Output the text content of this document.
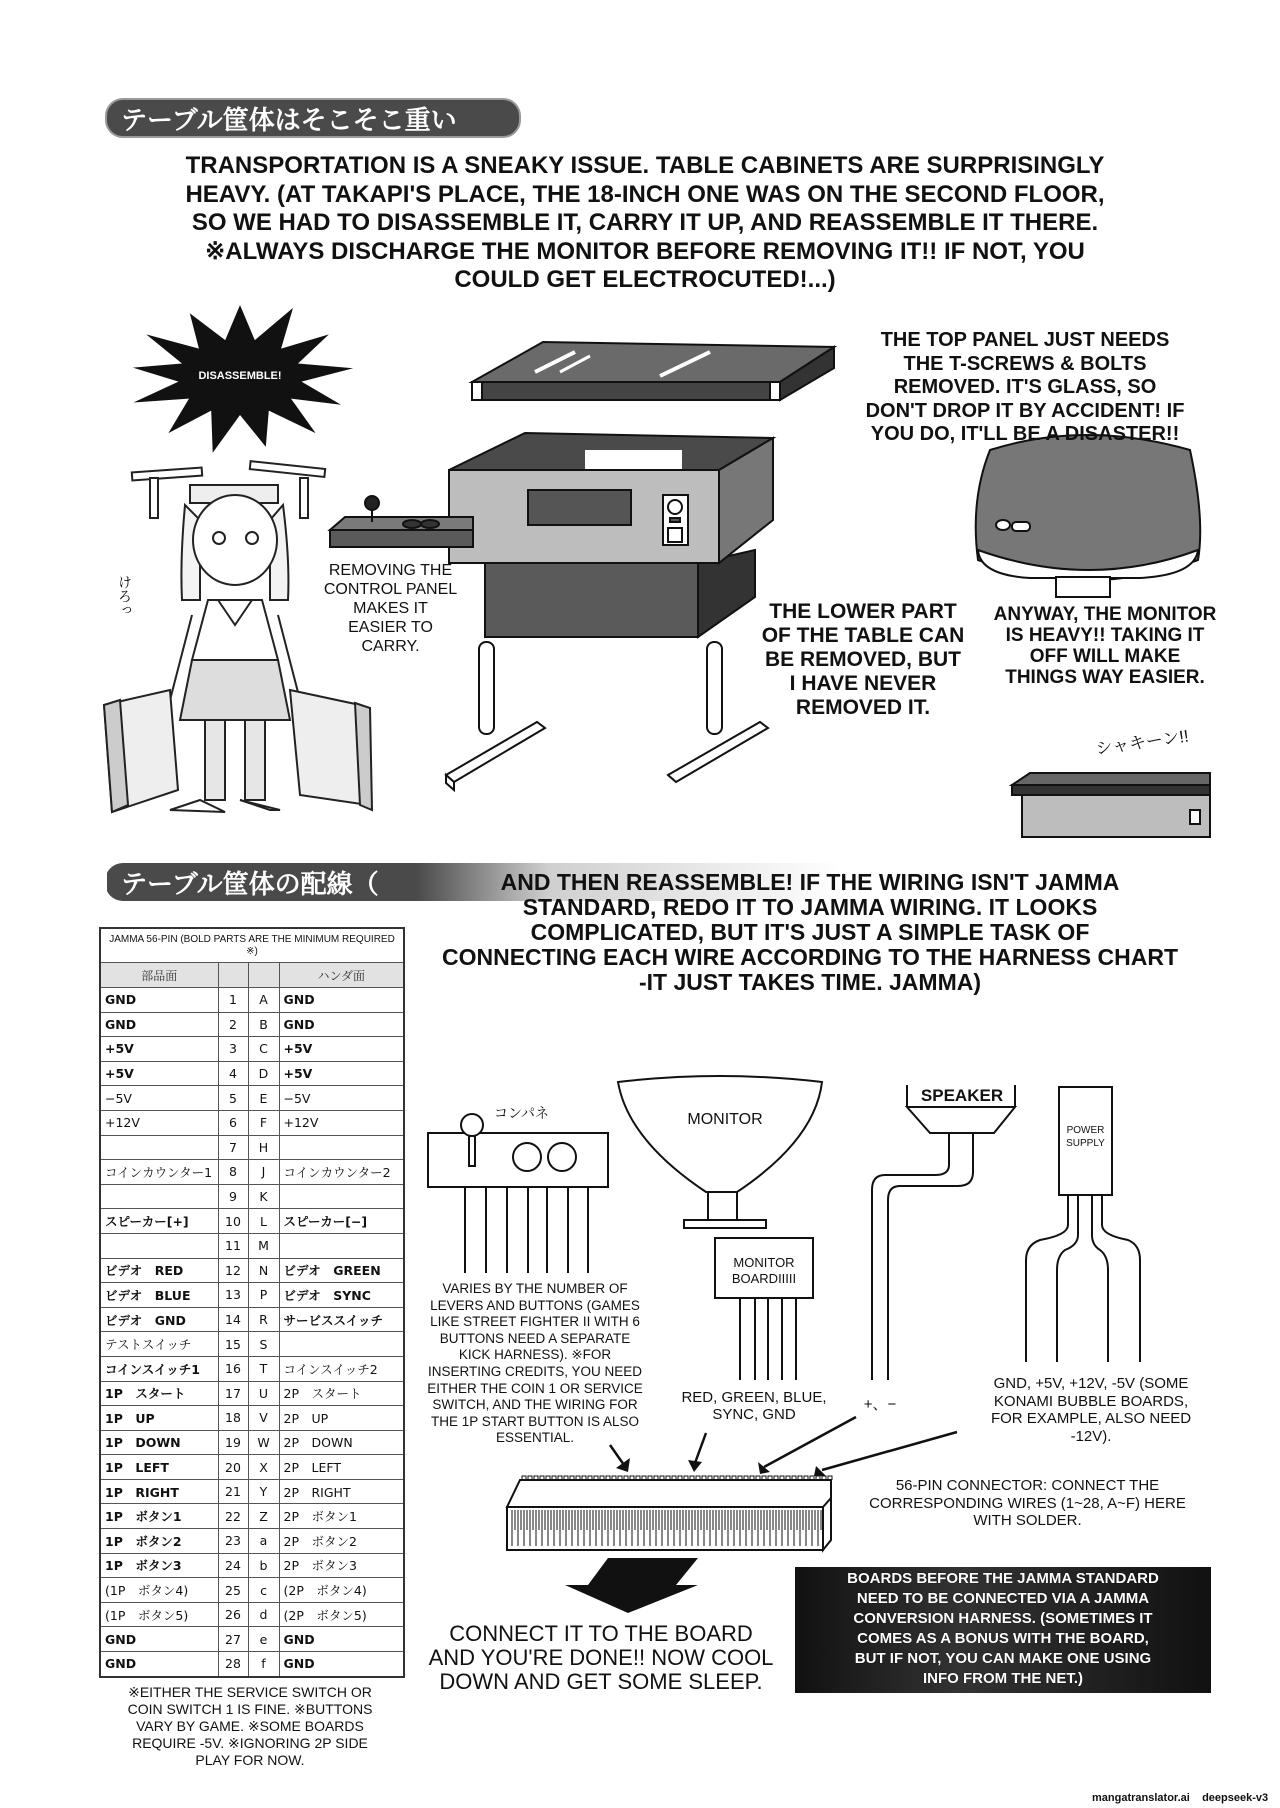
けろっ
テーブル筐体はそこそこ重い
TRANSPORTATION IS A SNEAKY ISSUE. TABLE CABINETS ARE SURPRISINGLY
HEAVY. (AT TAKAPI'S PLACE, THE 18-INCH ONE WAS ON THE SECOND FLOOR,
SO WE HAD TO DISASSEMBLE IT, CARRY IT UP, AND REASSEMBLE IT THERE.
※ALWAYS DISCHARGE THE MONITOR BEFORE REMOVING IT!! IF NOT, YOU
COULD GET ELECTROCUTED!...)
DISASSEMBLE!
REMOVING THE
CONTROL PANEL
MAKES IT
EASIER TO
CARRY.
THE TOP PANEL JUST NEEDS
THE T-SCREWS & BOLTS
REMOVED. IT'S GLASS, SO
DON'T DROP IT BY ACCIDENT! IF
YOU DO, IT'LL BE A DISASTER!!
THE LOWER PART
OF THE TABLE CAN
BE REMOVED, BUT
I HAVE NEVER
REMOVED IT.
ANYWAY, THE MONITOR
IS HEAVY!! TAKING IT
OFF WILL MAKE
THINGS WAY EASIER.
シャキーン!!
テーブル筐体の配線（	AND THEN REASSEMBLE! IF THE WIRING ISN'T JAMMA
STANDARD, REDO IT TO JAMMA WIRING. IT LOOKS
COMPLICATED, BUT IT'S JUST A SIMPLE TASK OF
CONNECTING EACH WIRE ACCORDING TO THE HARNESS CHART
-IT JUST TAKES TIME. JAMMA)
JAMMA 56-PIN (BOLD PARTS ARE THE MINIMUM REQUIRED ※)			
部品面			ハンダ面
GND	1	A	GND
GND	2	B	GND
+5V	3	C	+5V
+5V	4	D	+5V
−5V	5	E	−5V
+12V	6	F	+12V
	7	H	
コインカウンター1	8	J	コインカウンター2
	9	K	
スピーカー[+]	10	L	スピーカー[−]
	11	M	
ビデオ　RED	12	N	ビデオ　GREEN
ビデオ　BLUE	13	P	ビデオ　SYNC
ビデオ　GND	14	R	サービススイッチ
テストスイッチ	15	S	
コインスイッチ1	16	T	コインスイッチ2
1P　スタート	17	U	2P　スタート
1P　UP	18	V	2P　UP
1P　DOWN	19	W	2P　DOWN
1P　LEFT	20	X	2P　LEFT
1P　RIGHT	21	Y	2P　RIGHT
1P　ボタン1	22	Z	2P　ボタン1
1P　ボタン2	23	a	2P　ボタン2
1P　ボタン3	24	b	2P　ボタン3
(1P　ボタン4)	25	c	(2P　ボタン4)
(1P　ボタン5)	26	d	(2P　ボタン5)
GND	27	e	GND
GND	28	f	GND
※EITHER THE SERVICE SWITCH OR
COIN SWITCH 1 IS FINE. ※BUTTONS
VARY BY GAME. ※SOME BOARDS
REQUIRE -5V. ※IGNORING 2P SIDE
PLAY FOR NOW.
コンパネ	MONITOR
MONITOR
BOARDIIIII
SPEAKER
POWER
SUPPLY
VARIES BY THE NUMBER OF
LEVERS AND BUTTONS (GAMES
LIKE STREET FIGHTER II WITH 6
BUTTONS NEED A SEPARATE
KICK HARNESS). ※FOR
INSERTING CREDITS, YOU NEED
EITHER THE COIN 1 OR SERVICE
SWITCH, AND THE WIRING FOR
THE 1P START BUTTON IS ALSO
ESSENTIAL.
RED, GREEN, BLUE,
SYNC, GND
+、−
GND, +5V, +12V, -5V (SOME
KONAMI BUBBLE BOARDS,
FOR EXAMPLE, ALSO NEED
-12V).
56-PIN CONNECTOR: CONNECT THE
CORRESPONDING WIRES (1~28, A~F) HERE
WITH SOLDER.
CONNECT IT TO THE BOARD
AND YOU'RE DONE!! NOW COOL
DOWN AND GET SOME SLEEP.
BOARDS BEFORE THE JAMMA STANDARD
NEED TO BE CONNECTED VIA A JAMMA
CONVERSION HARNESS. (SOMETIMES IT
COMES AS A BONUS WITH THE BOARD,
BUT IF NOT, YOU CAN MAKE ONE USING
INFO FROM THE NET.)
mangatranslator.ai deepseek-v3
